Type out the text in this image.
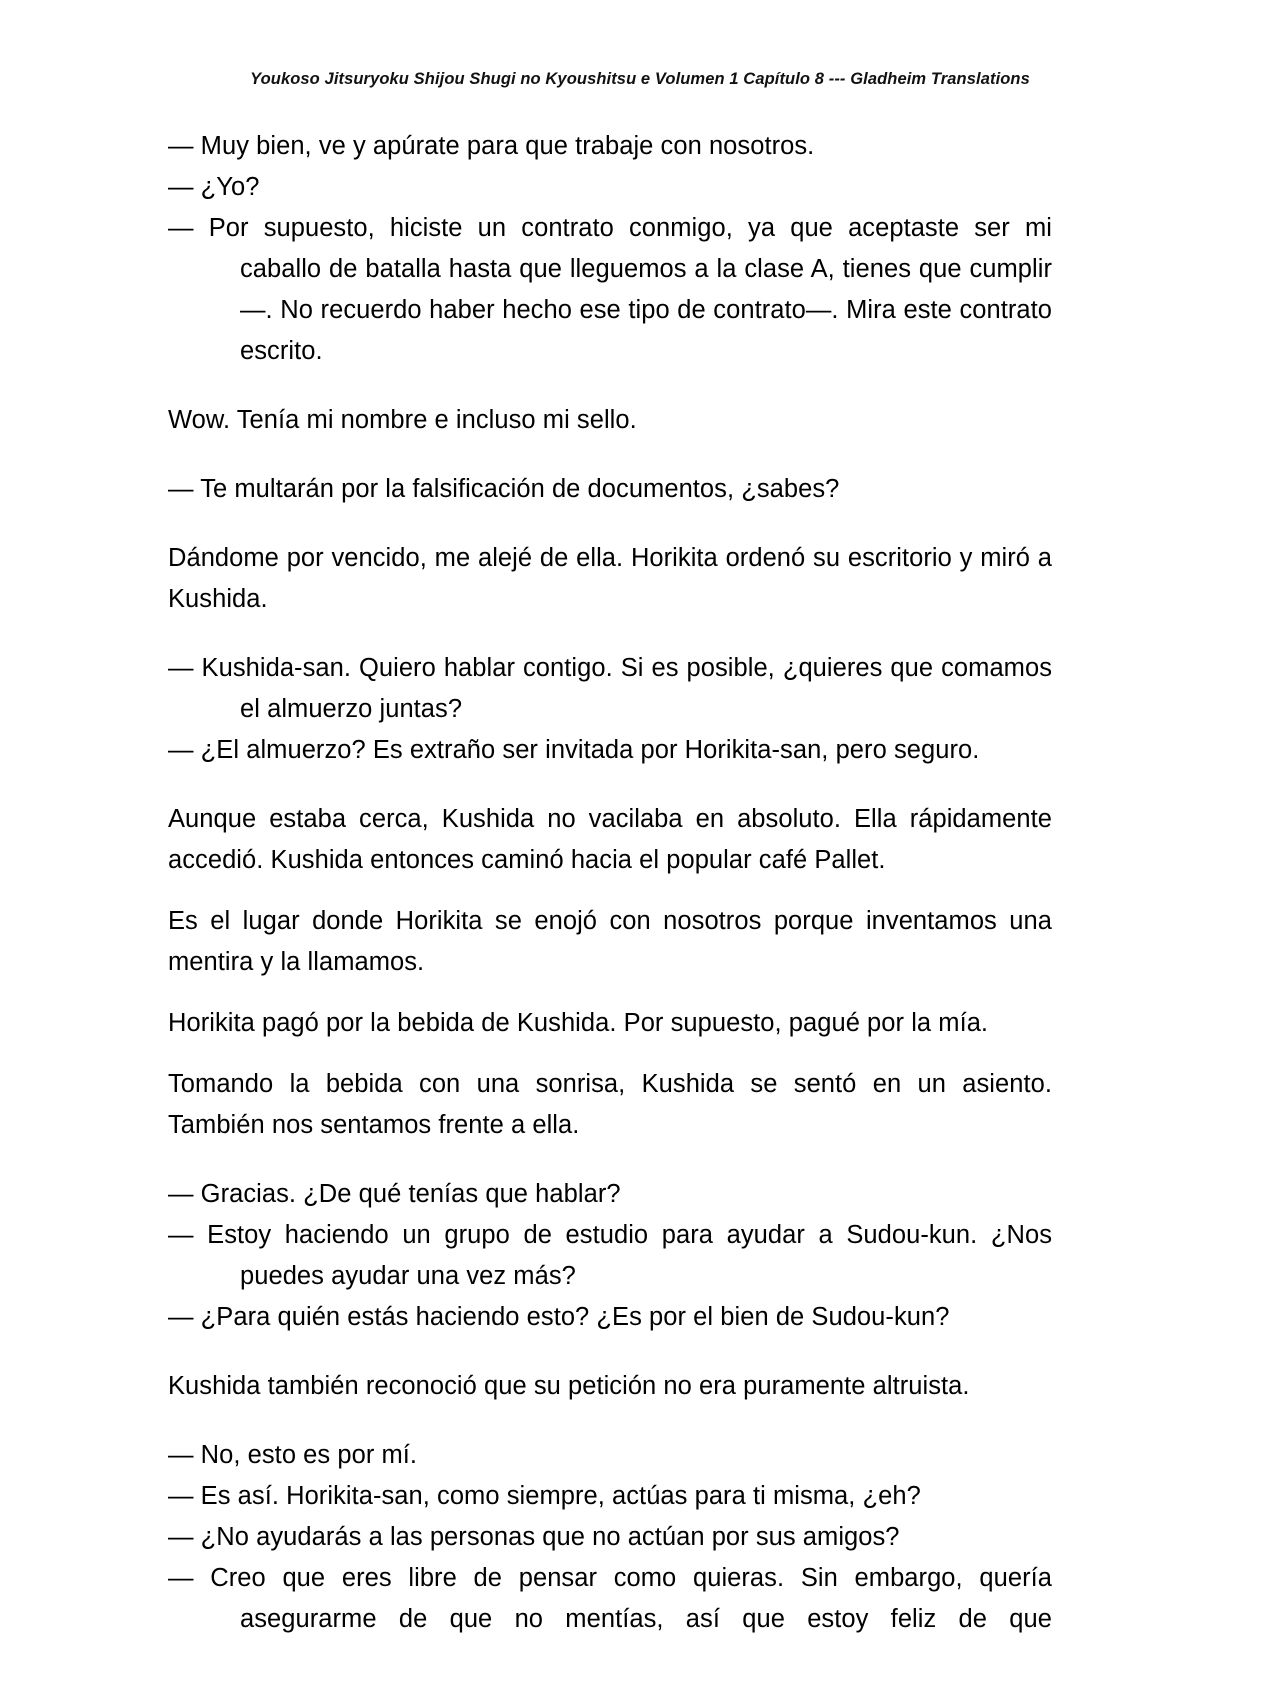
Youkoso Jitsuryoku Shijou Shugi no Kyoushitsu e Volumen 1 Capítulo 8 --- Gladheim Translations

— Muy bien, ve y apúrate para que trabaje con nosotros.

— ¿Yo?

— Por supuesto, hiciste un contrato conmigo, ya que aceptaste ser mi caballo de batalla hasta que lleguemos a la clase A, tienes que cumplir—. No recuerdo haber hecho ese tipo de contrato—. Mira este contrato escrito.

Wow. Tenía mi nombre e incluso mi sello.

— Te multarán por la falsificación de documentos, ¿sabes?

Dándome por vencido, me alejé de ella. Horikita ordenó su escritorio y miró a Kushida.

— Kushida-san. Quiero hablar contigo. Si es posible, ¿quieres que comamos el almuerzo juntas?

— ¿El almuerzo? Es extraño ser invitada por Horikita-san, pero seguro.

Aunque estaba cerca, Kushida no vacilaba en absoluto. Ella rápidamente accedió. Kushida entonces caminó hacia el popular café Pallet.

Es el lugar donde Horikita se enojó con nosotros porque inventamos una mentira y la llamamos.

Horikita pagó por la bebida de Kushida. Por supuesto, pagué por la mía.

Tomando la bebida con una sonrisa, Kushida se sentó en un asiento. También nos sentamos frente a ella.

— Gracias. ¿De qué tenías que hablar?

— Estoy haciendo un grupo de estudio para ayudar a Sudou-kun. ¿Nos puedes ayudar una vez más?

— ¿Para quién estás haciendo esto? ¿Es por el bien de Sudou-kun?

Kushida también reconoció que su petición no era puramente altruista.

— No, esto es por mí.

— Es así. Horikita-san, como siempre, actúas para ti misma, ¿eh?

— ¿No ayudarás a las personas que no actúan por sus amigos?

— Creo que eres libre de pensar como quieras. Sin embargo, quería asegurarme de que no mentías, así que estoy feliz de que
